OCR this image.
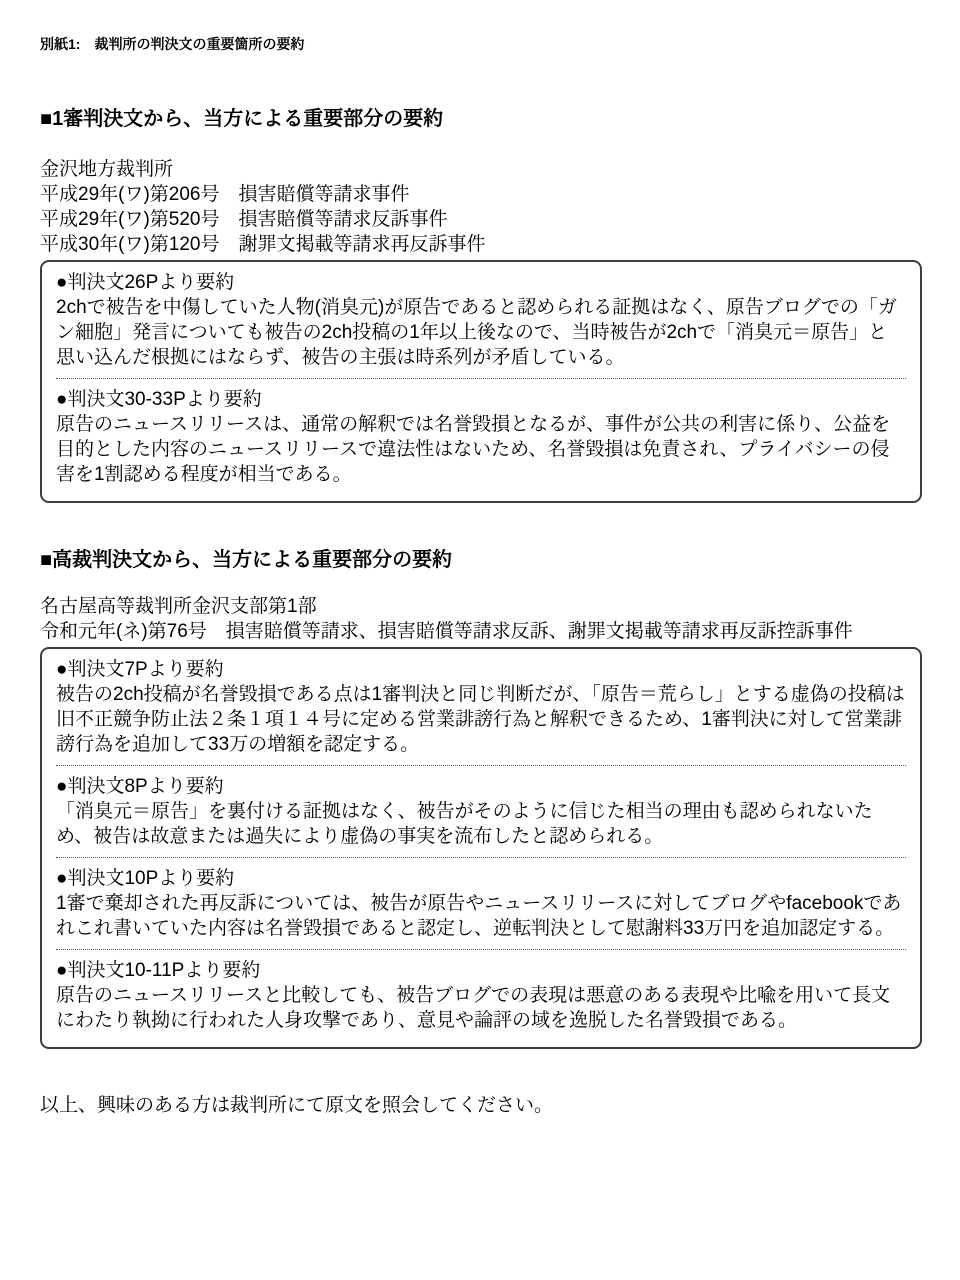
別紙1:　裁判所の判決文の重要箇所の要約
■1審判決文から、当方による重要部分の要約
金沢地方裁判所
平成29年(ワ)第206号　損害賠償等請求事件
平成29年(ワ)第520号　損害賠償等請求反訴事件
平成30年(ワ)第120号　謝罪文掲載等請求再反訴事件
●判決文26Pより要約

2chで被告を中傷していた人物(消臭元)が原告であると認められる証拠はなく、原告ブログでの「ガン細胞」発言についても被告の2ch投稿の1年以上後なので、当時被告が2chで「消臭元＝原告」と思い込んだ根拠にはならず、被告の主張は時系列が矛盾している。

●判決文30-33Pより要約

原告のニュースリリースは、通常の解釈では名誉毀損となるが、事件が公共の利害に係り、公益を目的とした内容のニュースリリースで違法性はないため、名誉毀損は免責され、プライバシーの侵害を1割認める程度が相当である。

■高裁判決文から、当方による重要部分の要約
名古屋高等裁判所金沢支部第1部
令和元年(ネ)第76号　損害賠償等請求、損害賠償等請求反訴、謝罪文掲載等請求再反訴控訴事件
●判決文7Pより要約

被告の2ch投稿が名誉毀損である点は1審判決と同じ判断だが、「原告＝荒らし」とする虚偽の投稿は旧不正競争防止法２条１項１４号に定める営業誹謗行為と解釈できるため、1審判決に対して営業誹謗行為を追加して33万の増額を認定する。

●判決文8Pより要約

「消臭元＝原告」を裏付ける証拠はなく、被告がそのように信じた相当の理由も認められないため、被告は故意または過失により虚偽の事実を流布したと認められる。

●判決文10Pより要約

1審で棄却された再反訴については、被告が原告やニュースリリースに対してブログやfacebookであれこれ書いていた内容は名誉毀損であると認定し、逆転判決として慰謝料33万円を追加認定する。

●判決文10-11Pより要約

原告のニュースリリースと比較しても、被告ブログでの表現は悪意のある表現や比喩を用いて長文にわたり執拗に行われた人身攻撃であり、意見や論評の域を逸脱した名誉毀損である。

以上、興味のある方は裁判所にて原文を照会してください。
